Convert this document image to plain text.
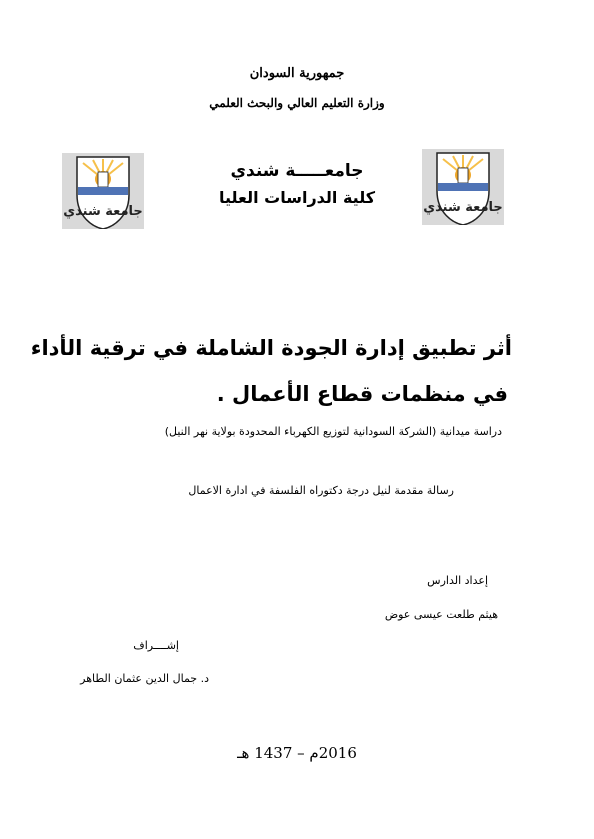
جمهورية السودان
وزارة التعليم العالي والبحث العلمي
جامعـــــة شندي
كلية الدراسات العليا
جامعة شندي
جامعة شندي
أثر تطبيق إدارة الجودة الشاملة في ترقية الأداء
في منظمات قطاع الأعمال .
دراسة ميدانية (الشركة السودانية لتوزيع الكهرباء المحدودة بولاية نهر النيل)
رسالة مقدمة لنيل درجة دكتوراه الفلسفة في ادارة الاعمال
إعداد الدارس
هيثم طلعت عيسى عوض
إشــــراف
د. جمال الدين عثمان الطاهر
2016م – 1437 هـ
